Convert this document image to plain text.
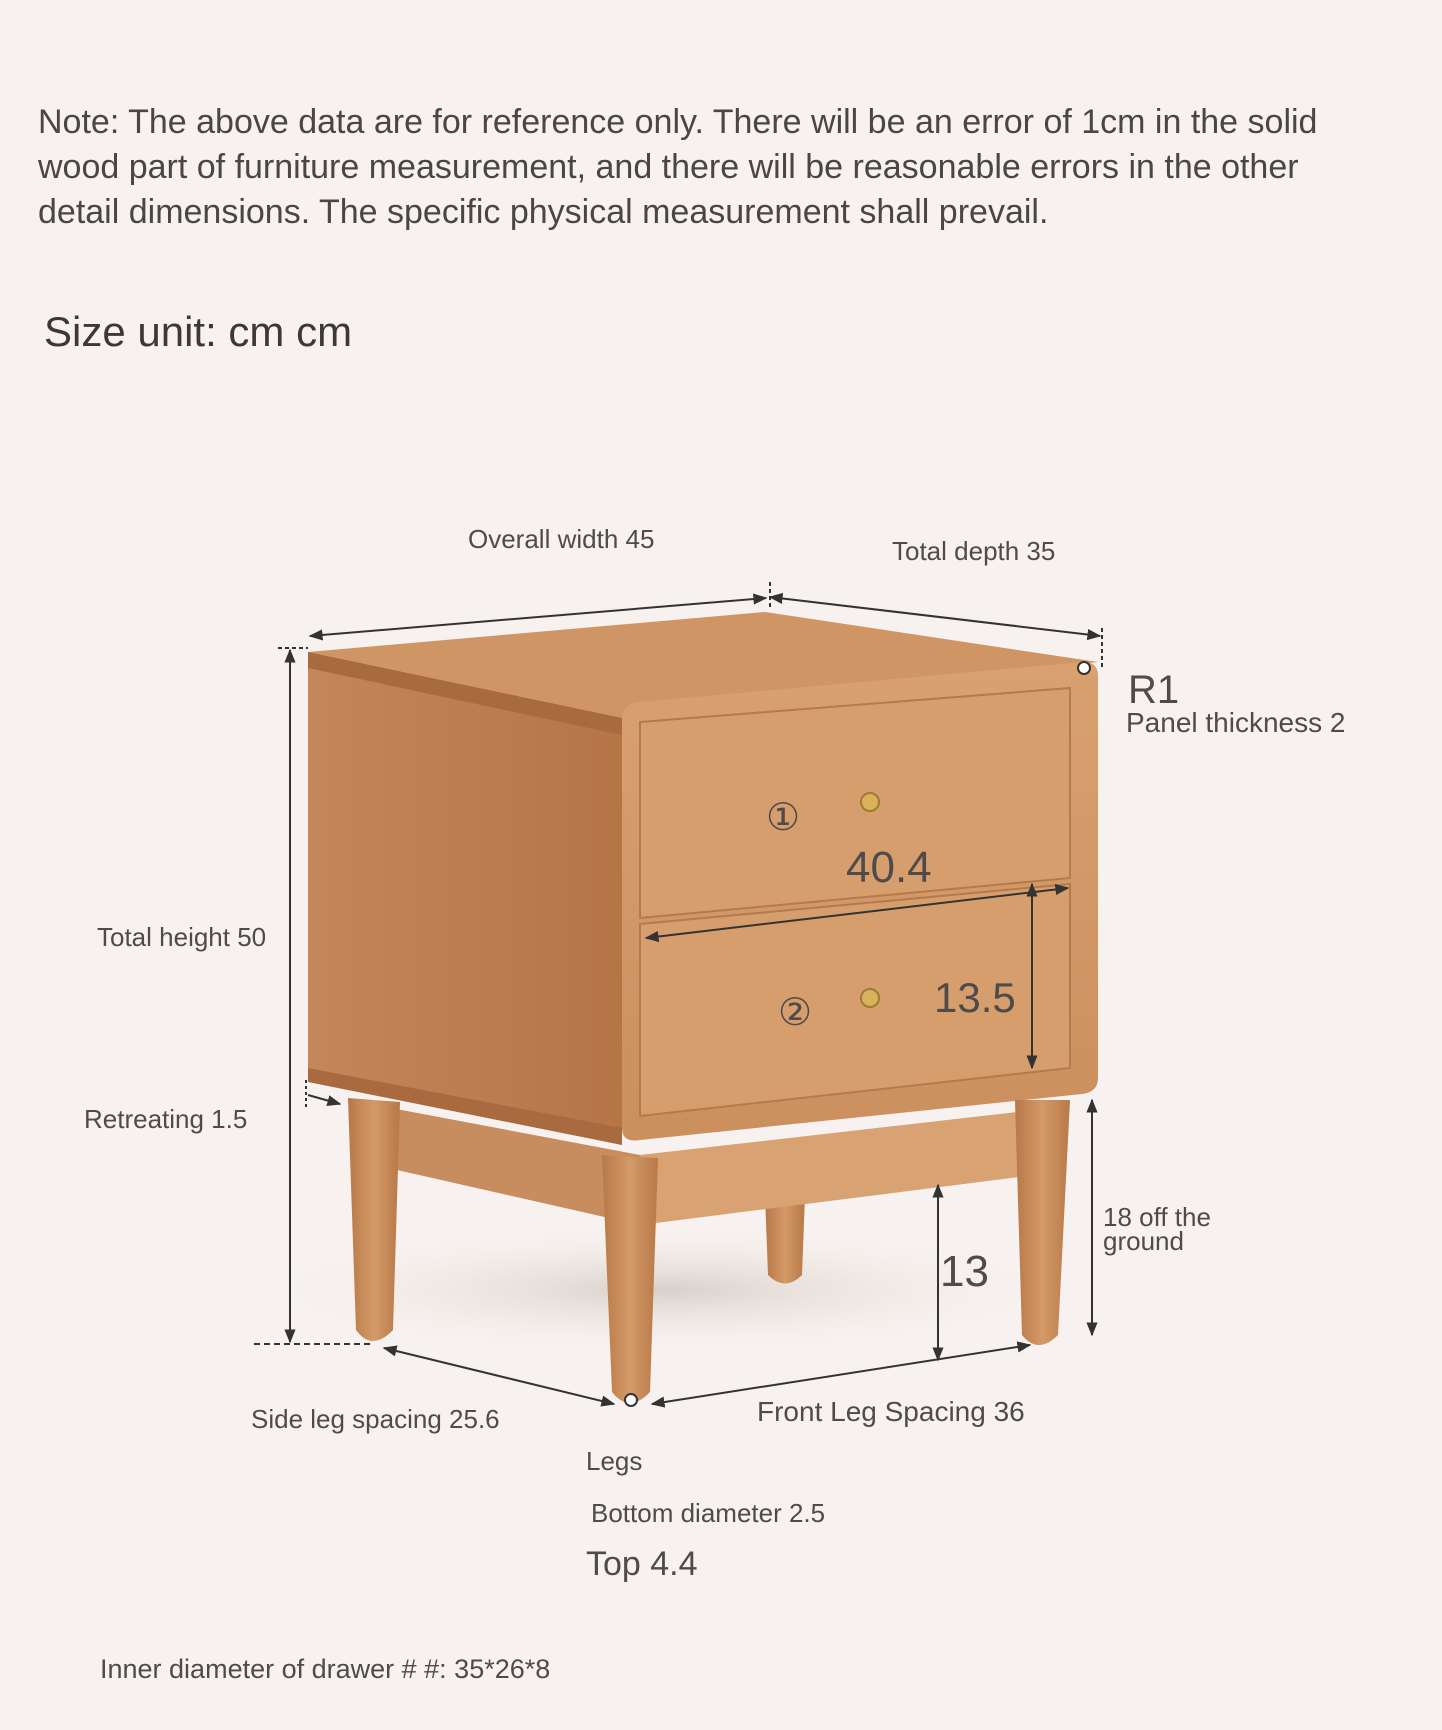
Note: The above data are for reference only. There will be an error of 1cm in the solid wood part of furniture measurement, and there will be reasonable errors in the other detail dimensions. The specific physical measurement shall prevail.

Size unit: cm cm

Overall width 45	Total depth 35
R1
Panel thickness 2
Total height 50
Retreating 1.5
①
②
40.4
13.5
13
18 off the
ground
Side leg spacing 25.6	Front Leg Spacing 36
Legs
Bottom diameter 2.5
Top 4.4
Inner diameter of drawer # #: 35*26*8
